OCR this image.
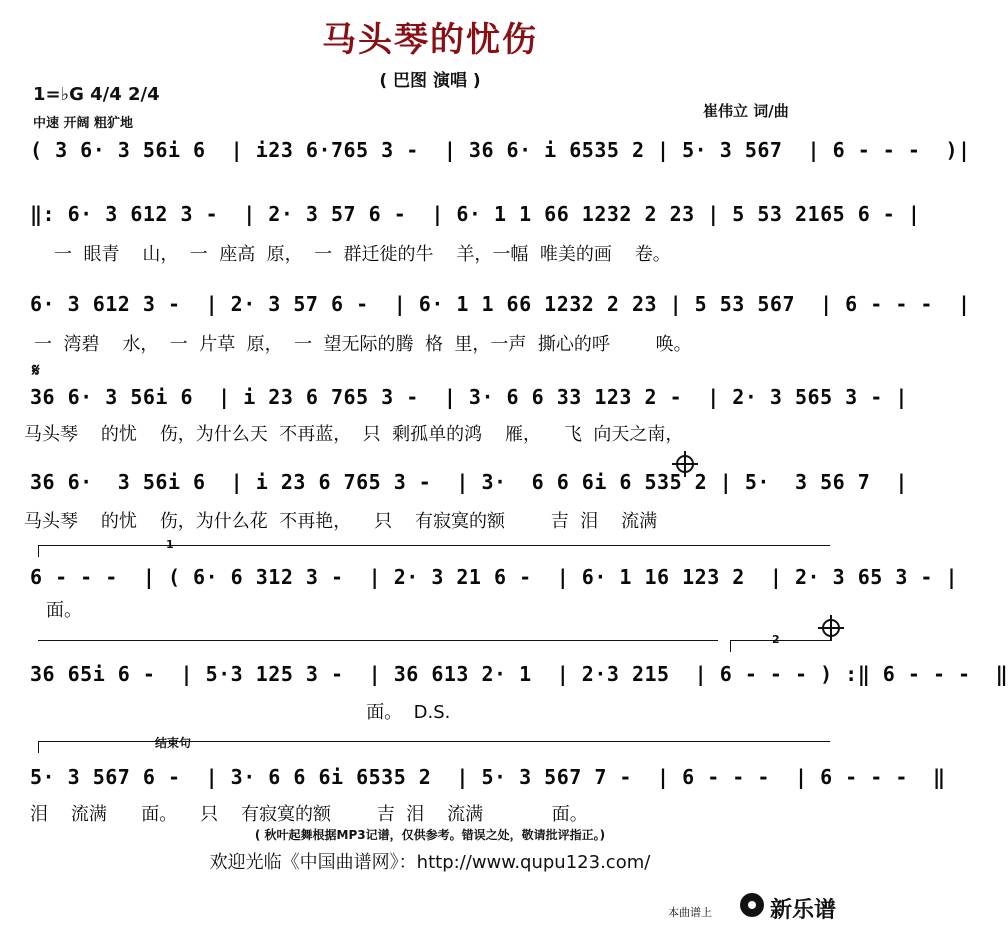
马头琴的忧伤
( 巴图 演唱 )
1=♭G 4/4 2/4
中速 开阔 粗犷地
崔伟立 词/曲
( 3 6· 3 56i 6  | i23 6·765 3 -  | 36 6· i 6535 2 | 5· 3 567  | 6 - - -  )|
‖: 6· 3 612 3 -  | 2· 3 57 6 -  | 6· 1 1 66 1232 2 23 | 5 53 2165 6 - |
一  眼青    山，  一  座高  原，  一  群迁徙的牛    羊，一幅  唯美的画    卷。
6· 3 612 3 -  | 2· 3 57 6 -  | 6· 1 1 66 1232 2 23 | 5 53 567  | 6 - - -  |
一  湾碧    水，  一  片草  原，  一  望无际的腾  格  里，一声  撕心的呼        唤。
𝄋
36 6· 3 56i 6  | i 23 6 765 3 -  | 3· 6 6 33 123 2 -  | 2· 3 565 3 - |
马头琴    的忧    伤，为什么天  不再蓝，  只  剩孤单的鸿    雁，    飞  向天之南，
36 6·  3 56i 6  | i 23 6 765 3 -  | 3·  6 6 6i 6 535 2 | 5·  3 56 7  |
马头琴    的忧    伤，为什么花  不再艳，    只    有寂寞的额        吉  泪    流满
1
6 - - -  | ( 6· 6 312 3 -  | 2· 3 21 6 -  | 6· 1 16 123 2  | 2· 3 65 3 - |
面。
2
36 65i 6 -  | 5·3 125 3 -  | 36 613 2· 1  | 2·3 215  | 6 - - - ) :‖ 6 - - -  ‖
面。  D.S.
结束句
5· 3 567 6 -  | 3· 6 6 6i 6535 2  | 5· 3 567 7 -  | 6 - - -  | 6 - - -  ‖
泪    流满      面。    只    有寂寞的额        吉  泪    流满            面。
( 秋叶起舞根据MP3记谱，仅供参考。错误之处，敬请批评指正。)
欢迎光临《中国曲谱网》：http://www.qupu123.com/
本曲谱上	新乐谱
